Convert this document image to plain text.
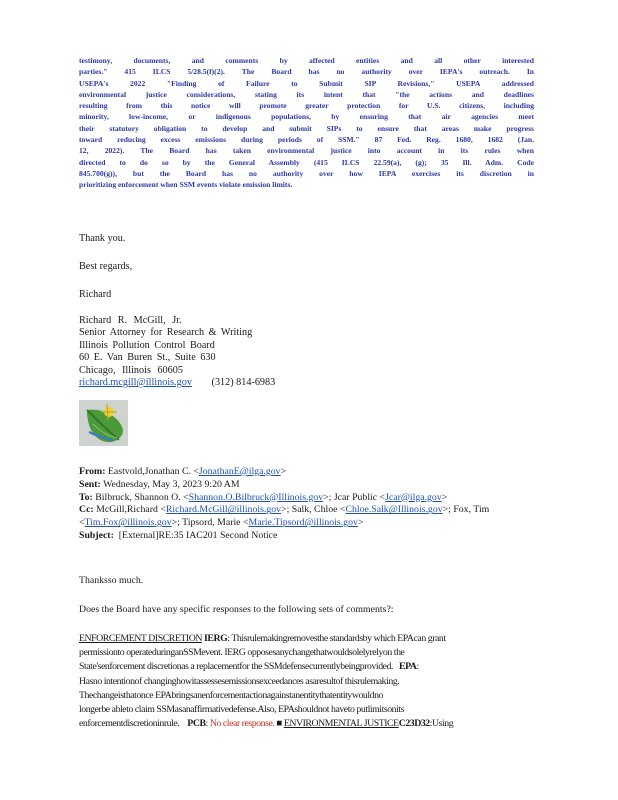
testimony, documents, and comments by affected entities and all other interested
parties." 415 ILCS 5/28.5(f)(2). The Board has no authority over IEPA's outreach. In
USEPA's 2022 "Finding of Failure to Submit SIP Revisions," USEPA addressed
environmental justice considerations, stating its intent that "the actions and deadlines
resulting from this notice will promote greater protection for U.S. citizens, including
minority, low-income, or indigenous populations, by ensuring that air agencies meet
their statutory obligation to develop and submit SIPs to ensure that areas make progress
toward reducing excess emissions during periods of SSM." 87 Fed. Reg. 1680, 1682 (Jan.
12, 2022). The Board has taken environmental justice into account in its rules when
directed to do so by the General Assembly (415 ILCS 22.59(a), (g); 35 Ill. Adm. Code
845.700(g)), but the Board has no authority over how IEPA exercises its discretion in
prioritizing enforcement when SSM events violate emission limits.
Thank you.
Best regards,
Richard
Richard R. McGill, Jr.
Senior Attorney for Research & Writing
Illinois Pollution Control Board
60 E. Van Buren St., Suite 630
Chicago, Illinois 60605
richard.mcgill@illinois.gov (312) 814-6983
From: Eastvold,Jonathan C. <JonathanE@ilga.gov>
Sent: Wednesday, May 3, 2023 9:20 AM
To: Bilbruck, Shannon O. <Shannon.O.Bilbruck@Illinois.gov>; Jcar Public <Jcar@ilga.gov>
Cc: McGill,Richard <Richard.McGill@illinois.gov>; Salk, Chloe <Chloe.Salk@Illinois.gov>; Fox, Tim
<Tim.Fox@illinois.gov>; Tipsord, Marie <Marie.Tipsord@illinois.gov>
Subject: [External]RE:35 IAC201 Second Notice
Thanksso much.
Does the Board have any specific responses to the following sets of comments?:
ENFORCEMENT DISCRETION IERG: Thisrulemakingremovesthe standardsby which EPAcan grant
permissionto operateduringanSSMevent. IERG opposesanychangethatwouldsolelyrelyon the
State'senforcement discretionas a replacementfor the SSMdefensecurrentlybeingprovided. EPA:
Hasno intentionof changinghowitassessesemissionsexceedances asaresultof thisrulemaking.
Thechangeisthatonce EPAbringsanenforcementactionagainstanentitythatentitywouldno
longerbe ableto claim SSMasanaffirmativedefense.Also, EPAshouldnot haveto putlimitsonits
enforcementdiscretioninrule. PCB: No clear response. ■ ENVIRONMENTAL JUSTICEC23D32:Using
